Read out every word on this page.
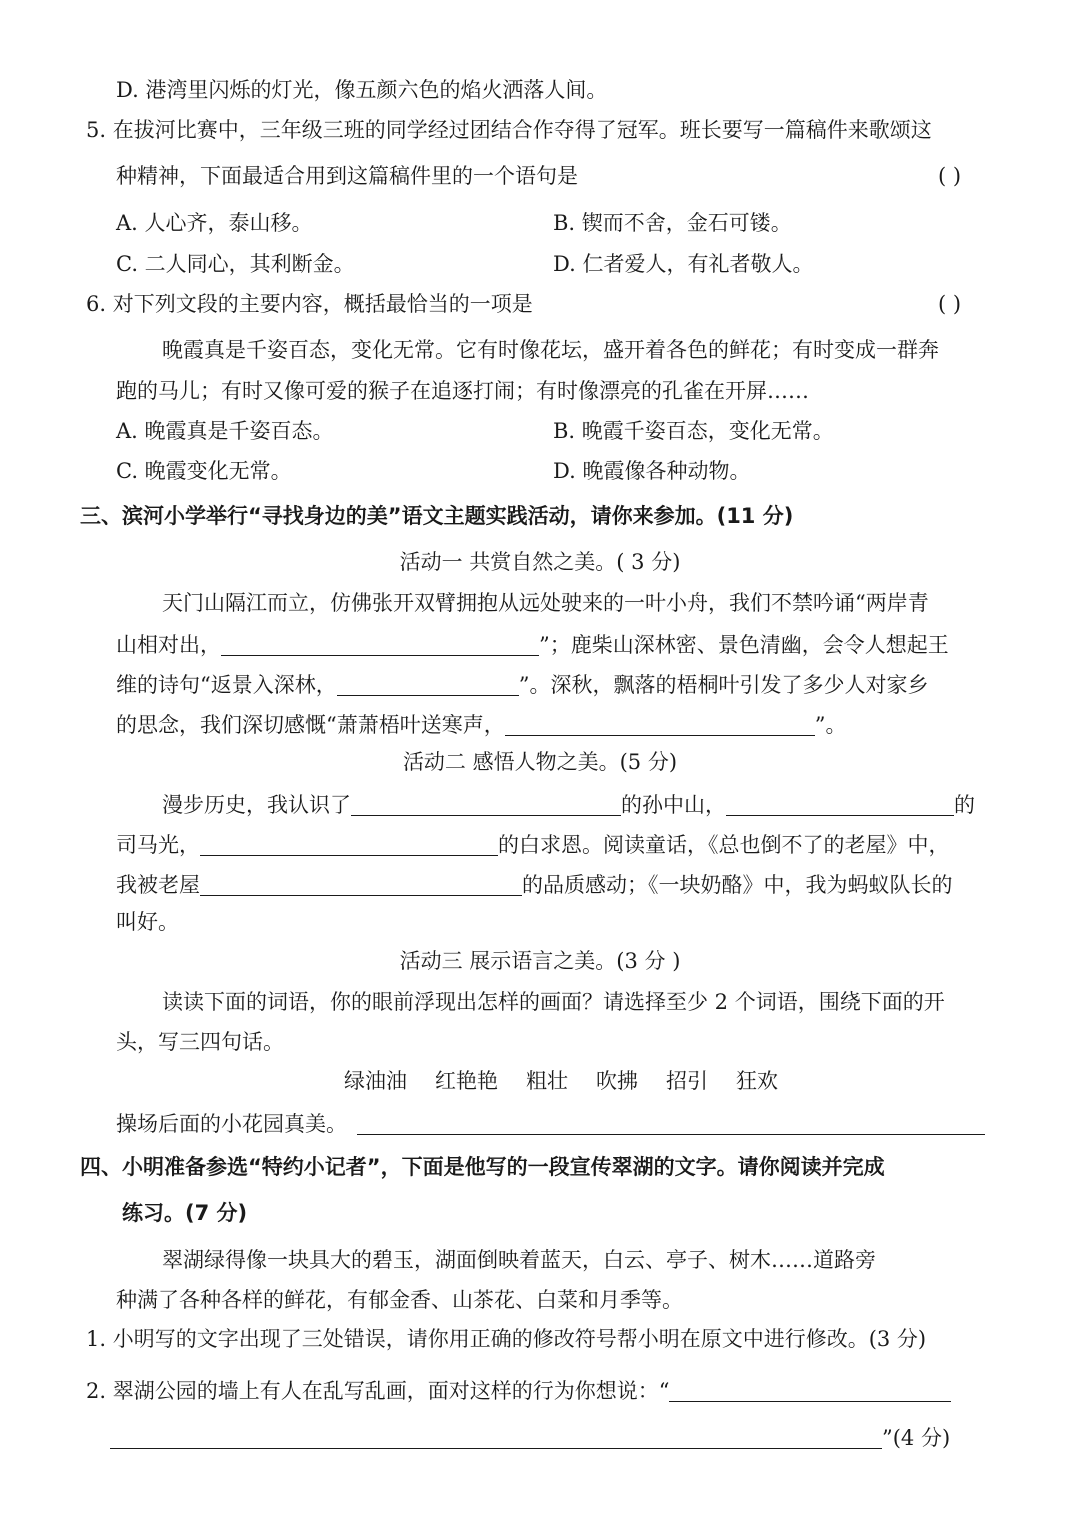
D. 港湾里闪烁的灯光，像五颜六色的焰火洒落人间。
5. 在拔河比赛中，三年级三班的同学经过团结合作夺得了冠军。班长要写一篇稿件来歌颂这
种精神，下面最适合用到这篇稿件里的一个语句是	( )
A. 人心齐，泰山移。	B. 锲而不舍，金石可镂。
C. 二人同心，其利断金。	D. 仁者爱人，有礼者敬人。
6. 对下列文段的主要内容，概括最恰当的一项是	( )
晚霞真是千姿百态，变化无常。它有时像花坛，盛开着各色的鲜花；有时变成一群奔
跑的马儿；有时又像可爱的猴子在追逐打闹；有时像漂亮的孔雀在开屏……
A. 晚霞真是千姿百态。	B. 晚霞千姿百态，变化无常。
C. 晚霞变化无常。	D. 晚霞像各种动物。
三、滨河小学举行“寻找身边的美”语文主题实践活动，请你来参加。(11 分)
活动一 共赏自然之美。( 3 分)
天门山隔江而立，仿佛张开双臂拥抱从远处驶来的一叶小舟，我们不禁吟诵“两岸青
山相对出，	”；鹿柴山深林密、景色清幽，会令人想起王
维的诗句“返景入深林，	”。深秋，飘落的梧桐叶引发了多少人对家乡
的思念，我们深切感慨“萧萧梧叶送寒声，	”。
活动二 感悟人物之美。(5 分)
漫步历史，我认识了	的孙中山，	的
司马光，	的白求恩。阅读童话，《总也倒不了的老屋》中，
我被老屋	的品质感动；《一块奶酪》中，我为蚂蚁队长的
叫好。
活动三 展示语言之美。(3 分 )
读读下面的词语，你的眼前浮现出怎样的画面？请选择至少 2 个词语，围绕下面的开
头，写三四句话。
绿油油 红艳艳 粗壮 吹拂 招引 狂欢
操场后面的小花园真美。
四、小明准备参选“特约小记者”，下面是他写的一段宣传翠湖的文字。请你阅读并完成
练习。(7 分)
翠湖绿得像一块具大的碧玉，湖面倒映着蓝天，白云、亭子、树木……道路旁
种满了各种各样的鲜花，有郁金香、山茶花、白菜和月季等。
1. 小明写的文字出现了三处错误，请你用正确的修改符号帮小明在原文中进行修改。(3 分)
2. 翠湖公园的墙上有人在乱写乱画，面对这样的行为你想说：“
”(4 分)
